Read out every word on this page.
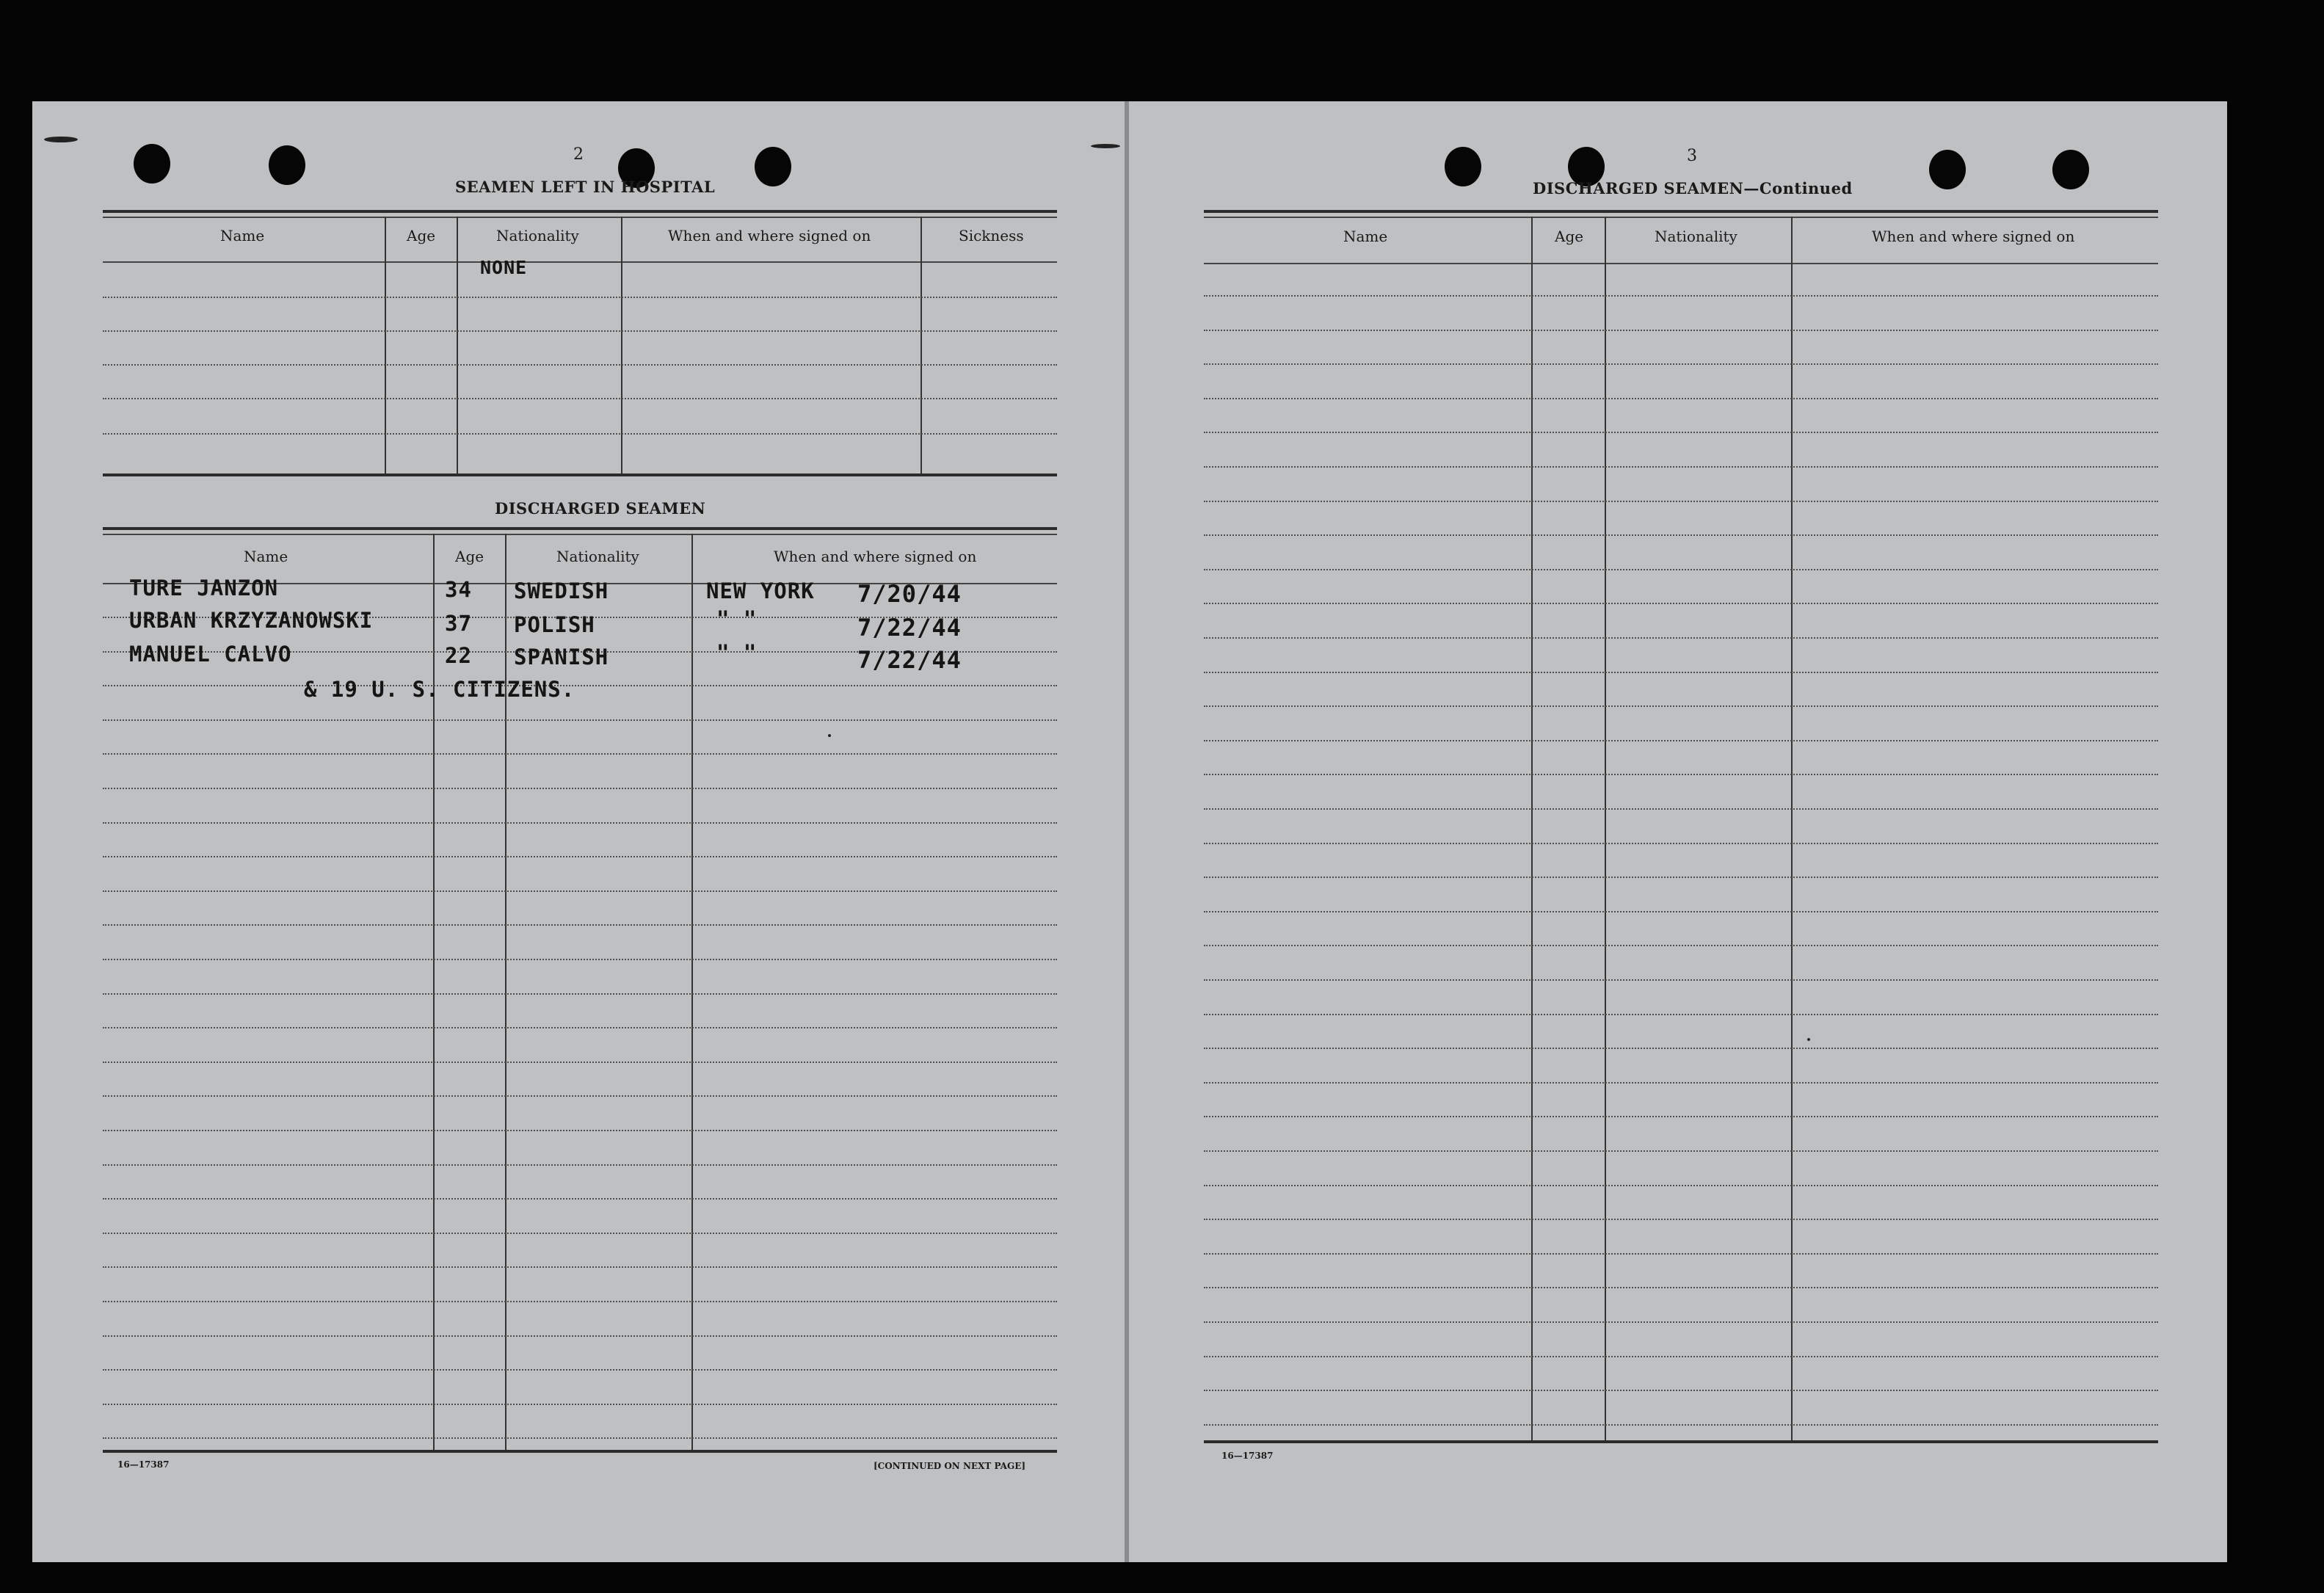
2
SEAMEN LEFT IN HOSPITAL
Name	Age	Nationality	When and where signed on	Sickness
NONE
DISCHARGED SEAMEN
Name	Age	Nationality	When and where signed on
TURE JANZON	34 SWEDISH	NEW YORK 7/20/44
URBAN KRZYZANOWSKI	37 POLISH	" "	7/22/44
MANUEL CALVO	22 SPANISH	" "	7/22/44
& 19 U. S. CITIZENS.
16—17387	[CONTINUED ON NEXT PAGE]
3
DISCHARGED SEAMEN—Continued
Name	Age	Nationality	When and where signed on
16—17387
